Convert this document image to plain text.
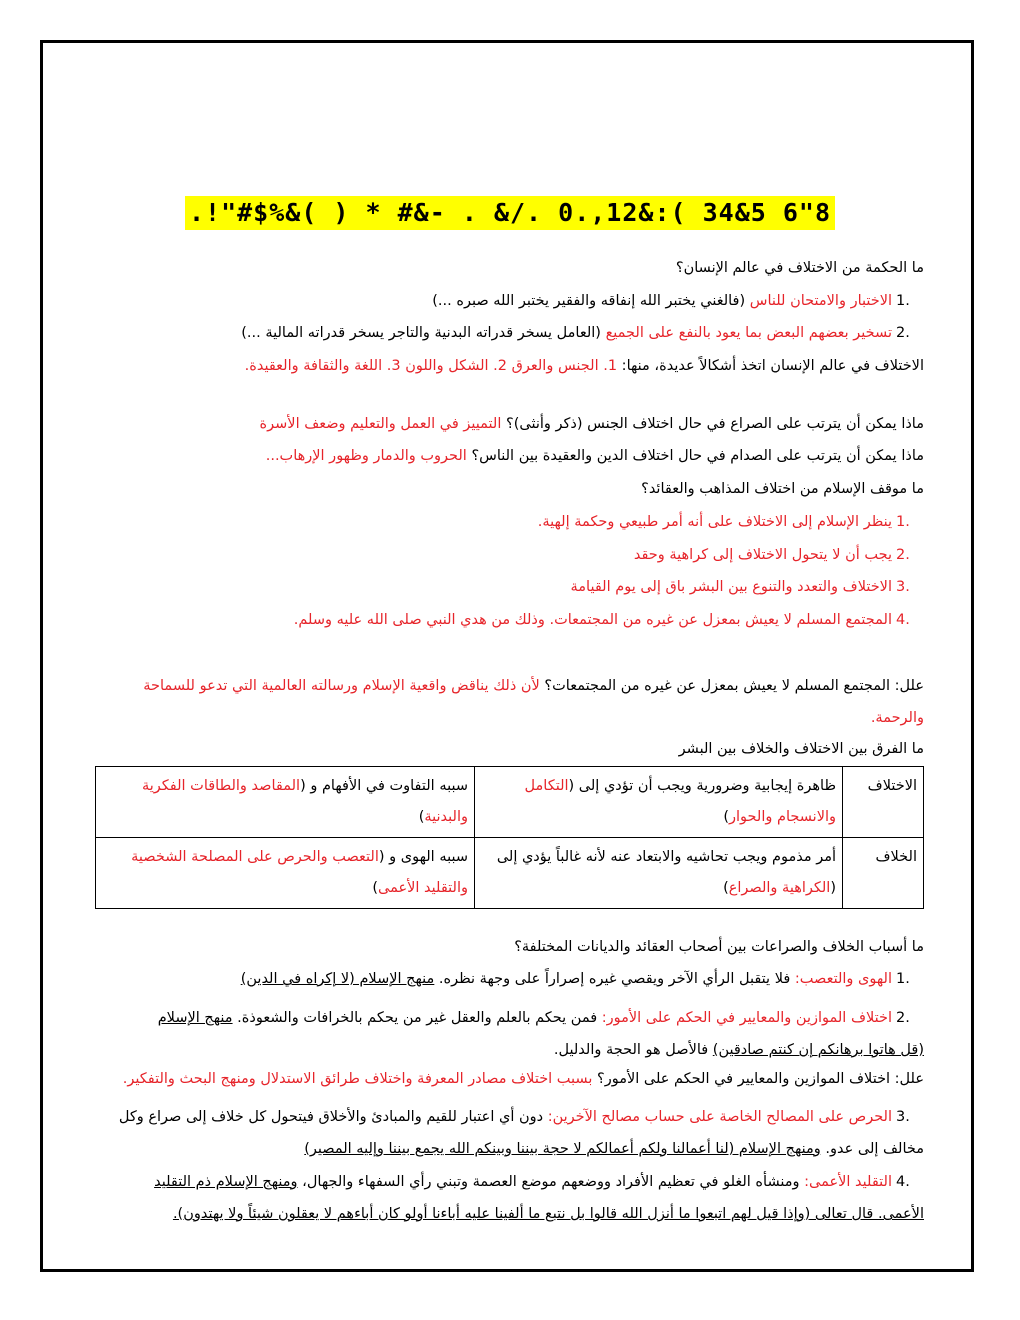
.!"#$%&( ) * #&- . &/. 0.,12&:( 34&5 6"8
ما الحكمة من الاختلاف في عالم الإنسان؟
1.الاختبار والامتحان للناس (فالغني يختبر الله إنفاقه والفقير يختبر الله صبره ...)
2.تسخير بعضهم البعض بما يعود بالنفع على الجميع (العامل يسخر قدراته البدنية والتاجر يسخر قدراته المالية ...)
الاختلاف في عالم الإنسان اتخذ أشكالاً عديدة، منها: 1. الجنس والعرق 2. الشكل واللون 3. اللغة والثقافة والعقيدة.
ماذا يمكن أن يترتب على الصراع في حال اختلاف الجنس (ذكر وأنثى)؟ التمييز في العمل والتعليم وضعف الأسرة
ماذا يمكن أن يترتب على الصدام في حال اختلاف الدين والعقيدة بين الناس؟ الحروب والدمار وظهور الإرهاب...
ما موقف الإسلام من اختلاف المذاهب والعقائد؟
1.ينظر الإسلام إلى الاختلاف على أنه أمر طبيعي وحكمة إلهية.
2.يجب أن لا يتحول الاختلاف إلى كراهية وحقد
3.الاختلاف والتعدد والتنوع بين البشر باق إلى يوم القيامة
4.المجتمع المسلم لا يعيش بمعزل عن غيره من المجتمعات. وذلك من هدي النبي صلى الله عليه وسلم.
علل: المجتمع المسلم لا يعيش بمعزل عن غيره من المجتمعات؟ لأن ذلك يناقض واقعية الإسلام ورسالته العالمية التي تدعو للسماحة والرحمة.
ما الفرق بين الاختلاف والخلاف بين البشر
الاختلاف	ظاهرة إيجابية وضرورية ويجب أن تؤدي إلى (التكامل والانسجام والحوار)	سببه التفاوت في الأفهام و (المقاصد والطاقات الفكرية والبدنية)
الخلاف	أمر مذموم ويجب تحاشيه والابتعاد عنه لأنه غالباً يؤدي إلى (الكراهية والصراع)	سببه الهوى و (التعصب والحرص على المصلحة الشخصية والتقليد الأعمى)
ما أسباب الخلاف والصراعات بين أصحاب العقائد والديانات المختلفة؟
1.الهوى والتعصب: فلا يتقبل الرأي الآخر ويقصي غيره إصراراً على وجهة نظره. منهج الإسلام (لا إكراه في الدين)
2.اختلاف الموازين والمعايير في الحكم على الأمور: فمن يحكم بالعلم والعقل غير من يحكم بالخرافات والشعوذة. منهج الإسلام (قل هاتوا برهانكم إن كنتم صادقين) فالأصل هو الحجة والدليل.
علل: اختلاف الموازين والمعايير في الحكم على الأمور؟ بسبب اختلاف مصادر المعرفة واختلاف طرائق الاستدلال ومنهج البحث والتفكير.
3.الحرص على المصالح الخاصة على حساب مصالح الآخرين: دون أي اعتبار للقيم والمبادئ والأخلاق فيتحول كل خلاف إلى صراع وكل مخالف إلى عدو. ومنهج الإسلام (لنا أعمالنا ولكم أعمالكم لا حجة بيننا وبينكم الله يجمع بيننا وإليه المصير)
4.التقليد الأعمى: ومنشأه الغلو في تعظيم الأفراد ووضعهم موضع العصمة وتبني رأي السفهاء والجهال، ومنهج الإسلام ذم التقليد الأعمى. قال تعالى (وإذا قيل لهم اتبعوا ما أنزل الله قالوا بل نتبع ما ألفينا عليه أباءنا أولو كان أباءهم لا يعقلون شيئاً ولا يهتدون).
